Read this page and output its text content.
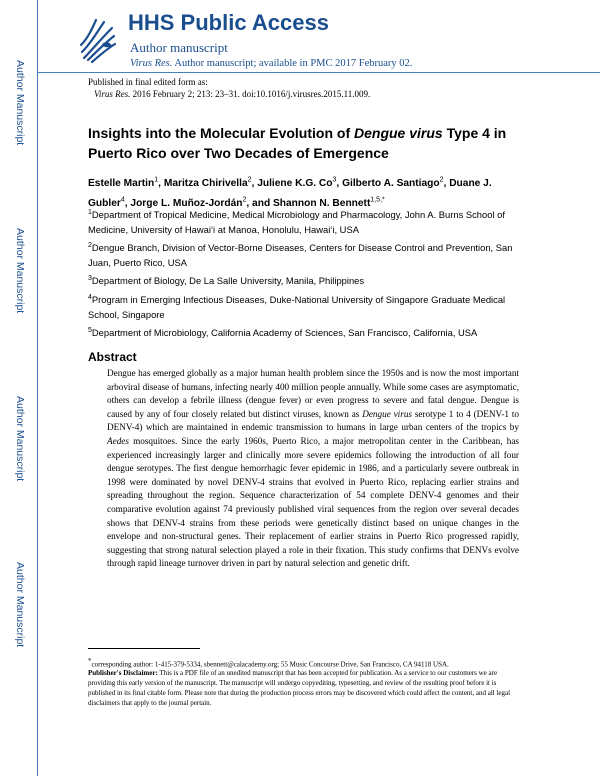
Author Manuscript
Author Manuscript
Author Manuscript
Author Manuscript
HHS Public Access
Author manuscript
Virus Res. Author manuscript; available in PMC 2017 February 02.
Published in final edited form as:
Virus Res. 2016 February 2; 213: 23–31. doi:10.1016/j.virusres.2015.11.009.
Insights into the Molecular Evolution of Dengue virus Type 4 in Puerto Rico over Two Decades of Emergence
Estelle Martin$^1$, Maritza Chirivella$^2$, Juliene K.G. Co$^3$, Gilberto A. Santiago$^2$, Duane J. Gubler$^4$, Jorge L. Muñoz-Jordán$^2$, and Shannon N. Bennett$^{1,5,*}$
$^1$Department of Tropical Medicine, Medical Microbiology and Pharmacology, John A. Burns School of Medicine, University of Hawai‘i at Manoa, Honolulu, Hawai‘i, USA
$^2$Dengue Branch, Division of Vector-Borne Diseases, Centers for Disease Control and Prevention, San Juan, Puerto Rico, USA
$^3$Department of Biology, De La Salle University, Manila, Philippines
$^4$Program in Emerging Infectious Diseases, Duke-National University of Singapore Graduate Medical School, Singapore
$^5$Department of Microbiology, California Academy of Sciences, San Francisco, California, USA
Abstract
Dengue has emerged globally as a major human health problem since the 1950s and is now the most important arboviral disease of humans, infecting nearly 400 million people annually. While some cases are asymptomatic, others can develop a febrile illness (dengue fever) or even progress to severe and fatal dengue. Dengue is caused by any of four closely related but distinct viruses, known as Dengue virus serotype 1 to 4 (DENV-1 to DENV-4) which are maintained in endemic transmission to humans in large urban centers of the tropics by Aedes mosquitoes. Since the early 1960s, Puerto Rico, a major metropolitan center in the Caribbean, has experienced increasingly larger and clinically more severe epidemics following the introduction of all four dengue serotypes. The first dengue hemorrhagic fever epidemic in 1986, and a particularly severe outbreak in 1998 were dominated by novel DENV-4 strains that evolved in Puerto Rico, replacing earlier strains and spreading throughout the region. Sequence characterization of 54 complete DENV-4 genomes and their comparative evolution against 74 previously published viral sequences from the region over several decades shows that DENV-4 strains from these periods were genetically distinct based on unique changes in the envelope and non-structural genes. Their replacement of earlier strains in Puerto Rico progressed rapidly, suggesting that strong natural selection played a role in their fixation. This study confirms that DENVs evolve through rapid lineage turnover driven in part by natural selection and genetic drift.
*corresponding author: 1-415-379-5334, sbennett@calacademy.org; 55 Music Concourse Drive, San Francisco, CA 94118 USA.
Publisher's Disclaimer: This is a PDF file of an unedited manuscript that has been accepted for publication. As a service to our customers we are providing this early version of the manuscript. The manuscript will undergo copyediting, typesetting, and review of the resulting proof before it is published in its final citable form. Please note that during the production process errors may be discovered which could affect the content, and all legal disclaimers that apply to the journal pertain.
